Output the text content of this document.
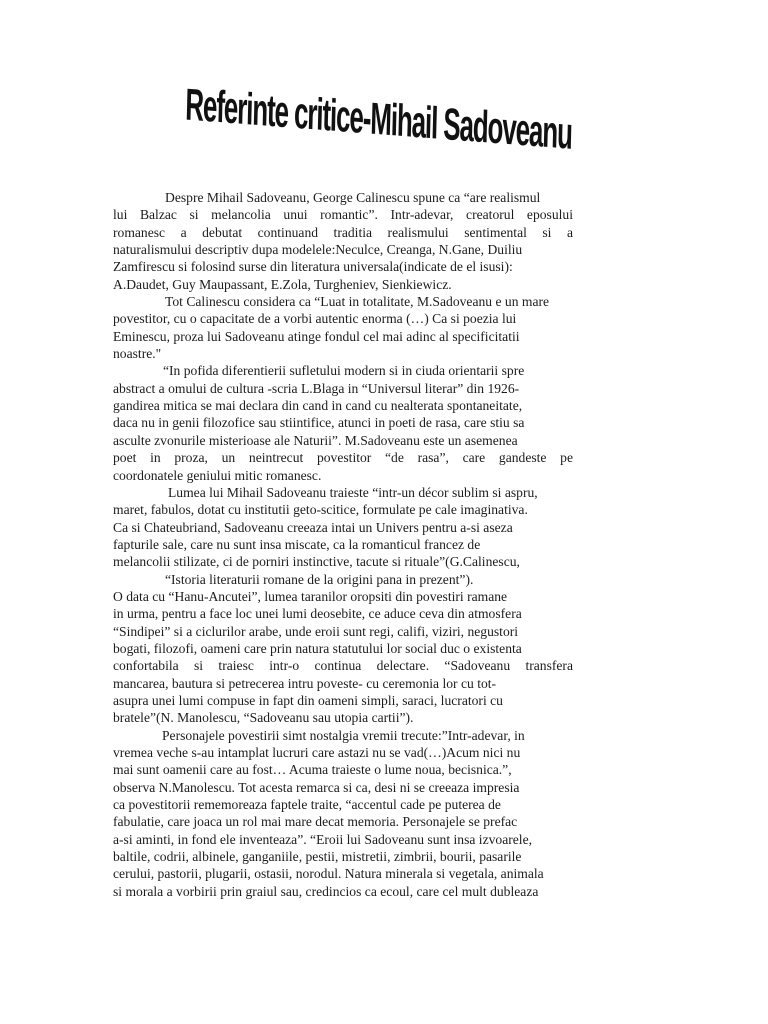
Referinte critice-Mihail Sadoveanu
Despre Mihail Sadoveanu, George Calinescu spune ca “are realismul
lui Balzac si melancolia unui romantic”. Intr-adevar, creatorul eposului
romanesc a debutat continuand traditia realismului sentimental si a
naturalismului descriptiv dupa modelele:Neculce, Creanga, N.Gane, Duiliu
Zamfirescu si folosind surse din literatura universala(indicate de el isusi):
A.Daudet, Guy Maupassant, E.Zola, Turgheniev, Sienkiewicz.
Tot Calinescu considera ca “Luat in totalitate, M.Sadoveanu e un mare
povestitor, cu o capacitate de a vorbi autentic enorma (…) Ca si poezia lui
Eminescu, proza lui Sadoveanu atinge fondul cel mai adinc al specificitatii
noastre."
“In pofida diferentierii sufletului modern si in ciuda orientarii spre
abstract a omului de cultura -scria L.Blaga in “Universul literar” din 1926-
gandirea mitica se mai declara din cand in cand cu nealterata spontaneitate,
daca nu in genii filozofice sau stiintifice, atunci in poeti de rasa, care stiu sa
asculte zvonurile misterioase ale Naturii”. M.Sadoveanu este un asemenea
poet in proza, un neintrecut povestitor “de rasa”, care gandeste pe
coordonatele geniului mitic romanesc.
Lumea lui Mihail Sadoveanu traieste “intr-un décor sublim si aspru,
maret, fabulos, dotat cu institutii geto-scitice, formulate pe cale imaginativa.
Ca si Chateubriand, Sadoveanu creeaza intai un Univers pentru a-si aseza
fapturile sale, care nu sunt insa miscate, ca la romanticul francez de
melancolii stilizate, ci de porniri instinctive, tacute si rituale”(G.Calinescu,
“Istoria literaturii romane de la origini pana in prezent”).
O data cu “Hanu-Ancutei”, lumea taranilor oropsiti din povestiri ramane
in urma, pentru a face loc unei lumi deosebite, ce aduce ceva din atmosfera
“Sindipei” si a ciclurilor arabe, unde eroii sunt regi, califi, viziri, negustori
bogati, filozofi, oameni care prin natura statutului lor social duc o existenta
confortabila si traiesc intr-o continua delectare. “Sadoveanu transfera
mancarea, bautura si petrecerea intru poveste- cu ceremonia lor cu tot-
asupra unei lumi compuse in fapt din oameni simpli, saraci, lucratori cu
bratele”(N. Manolescu, “Sadoveanu sau utopia cartii”).
Personajele povestirii simt nostalgia vremii trecute:”Intr-adevar, in
vremea veche s-au intamplat lucruri care astazi nu se vad(…)Acum nici nu
mai sunt oamenii care au fost… Acuma traieste o lume noua, becisnica.”,
observa N.Manolescu. Tot acesta remarca si ca, desi ni se creeaza impresia
ca povestitorii rememoreaza faptele traite, “accentul cade pe puterea de
fabulatie, care joaca un rol mai mare decat memoria. Personajele se prefac
a-si aminti, in fond ele inventeaza”. “Eroii lui Sadoveanu sunt insa izvoarele,
baltile, codrii, albinele, ganganiile, pestii, mistretii, zimbrii, bourii, pasarile
cerului, pastorii, plugarii, ostasii, norodul. Natura minerala si vegetala, animala
si morala a vorbirii prin graiul sau, credincios ca ecoul, care cel mult dubleaza
